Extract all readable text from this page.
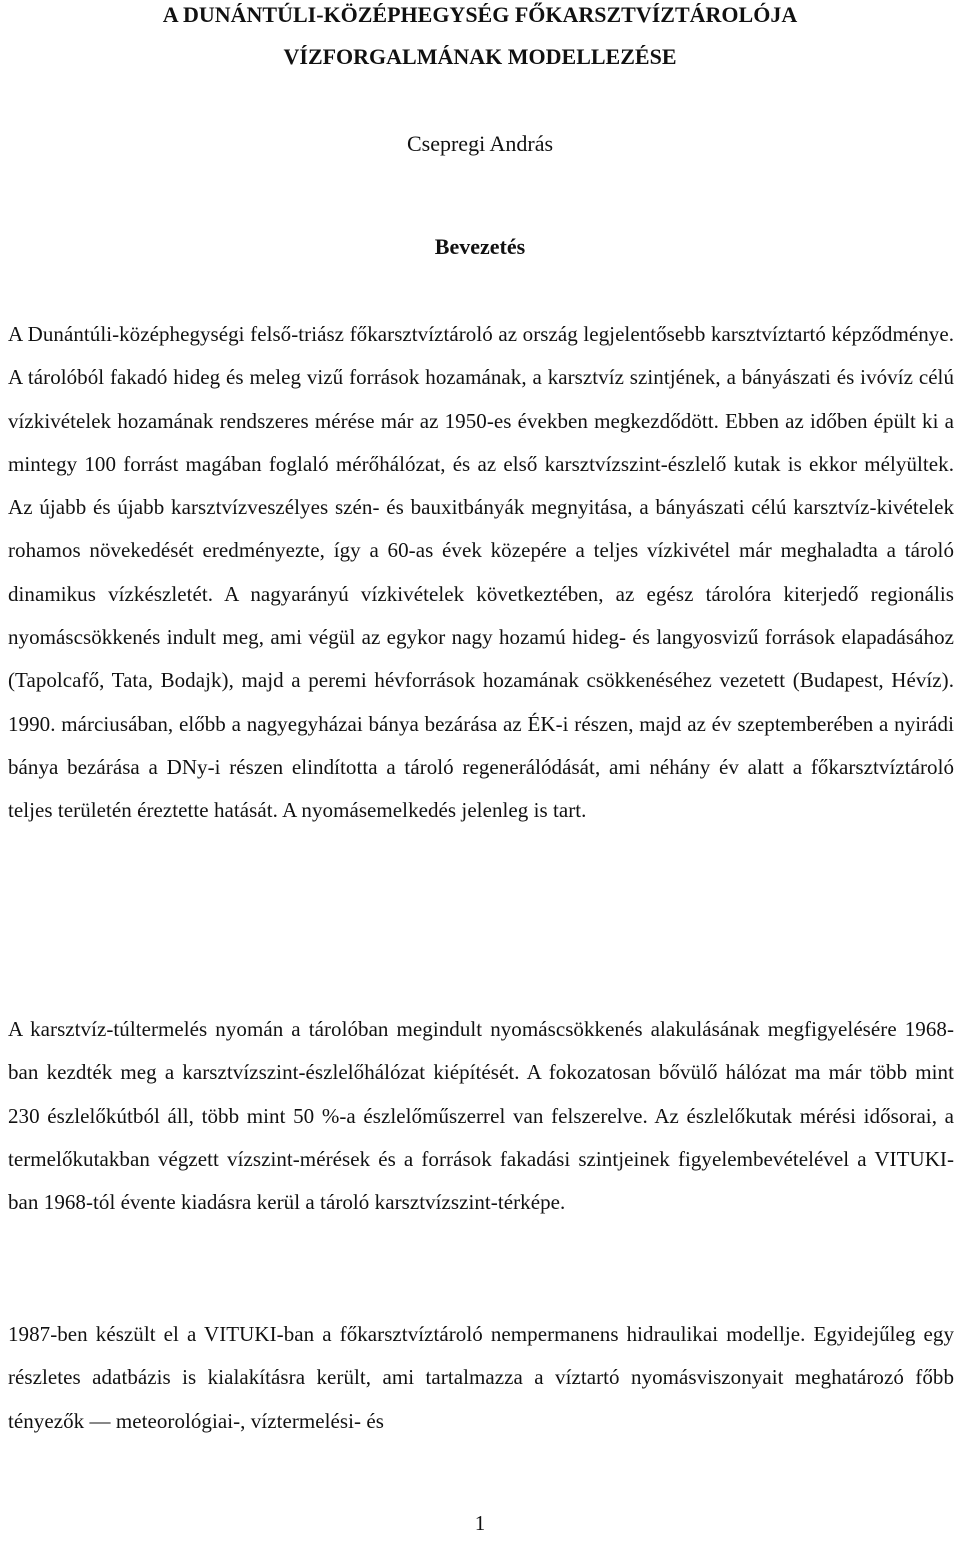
A DUNÁNTÚLI-KÖZÉPHEGYSÉG FŐKARSZTVÍZTÁROLÓJA
VÍZFORGALMÁNAK MODELLEZÉSE

Csepregi András

Bevezetés

A Dunántúli-középhegységi felső-triász főkarsztvíztároló az ország legjelentősebb karsztvíztartó képződménye. A tárolóból fakadó hideg és meleg vizű források hozamának, a karsztvíz szintjének, a bányászati és ivóvíz célú vízkivételek hozamának rendszeres mérése már az 1950-es években megkezdődött. Ebben az időben épült ki a mintegy 100 forrást magában foglaló mérőhálózat, és az első karsztvízszint-észlelő kutak is ekkor mélyültek. Az újabb és újabb karsztvízveszélyes szén- és bauxitbányák megnyitása, a bányászati célú karsztvíz-kivételek rohamos növekedését eredményezte, így a 60-as évek közepére a teljes vízkivétel már meghaladta a tároló dinamikus vízkészletét. A nagyarányú vízkivételek következtében, az egész tárolóra kiterjedő regionális nyomáscsökkenés indult meg, ami végül az egykor nagy hozamú hideg- és langyosvizű források elapadásához (Tapolcafő, Tata, Bodajk), majd a peremi hévforrások hozamának csökkenéséhez vezetett (Budapest, Hévíz). 1990. márciusában, előbb a nagyegyházai bánya bezárása az ÉK-i részen, majd az év szeptemberében a nyirádi bánya bezárása a DNy-i részen elindította a tároló regenerálódását, ami néhány év alatt a főkarsztvíztároló teljes területén éreztette hatását. A nyomásemelkedés jelenleg is tart.

A karsztvíz-túltermelés nyomán a tárolóban megindult nyomáscsökkenés alakulásának megfigyelésére 1968-ban kezdték meg a karsztvízszint-észlelőhálózat kiépítését. A fokozatosan bővülő hálózat ma már több mint 230 észlelőkútból áll, több mint 50 %-a észlelőműszerrel van felszerelve. Az észlelőkutak mérési idősorai, a termelőkutakban végzett vízszint-mérések és a források fakadási szintjeinek figyelembevételével a VITUKI-ban 1968-tól évente kiadásra kerül a tároló karsztvízszint-térképe.

1987-ben készült el a VITUKI-ban a főkarsztvíztároló nempermanens hidraulikai modellje. Egyidejűleg egy részletes adatbázis is kialakításra került, ami tartalmazza a víztartó nyomásviszonyait meghatározó főbb tényezők — meteorológiai-, víztermelési- és

1
